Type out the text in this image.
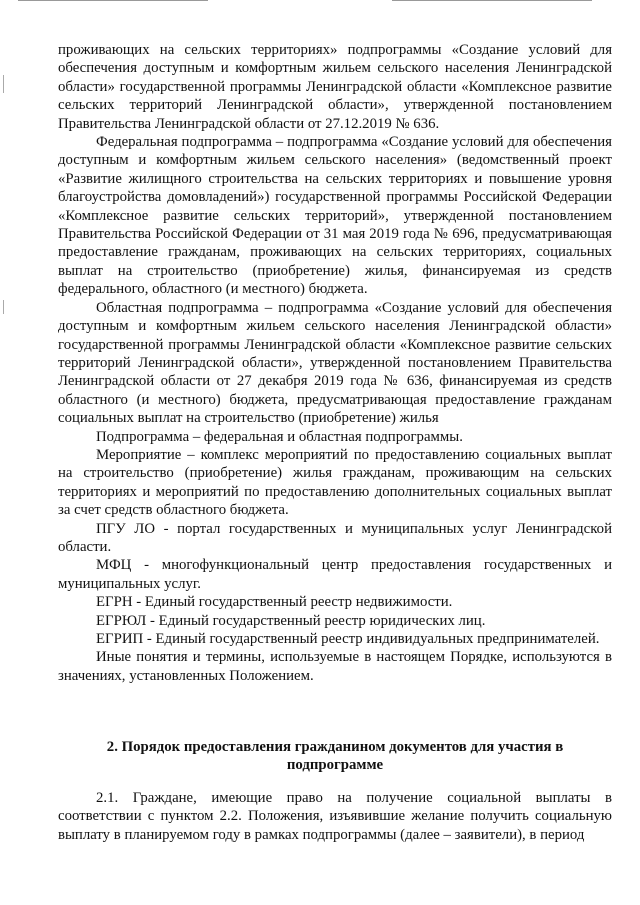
проживающих на сельских территориях» подпрограммы «Создание условий для обеспечения доступным и комфортным жильем сельского населения Ленинградской области» государственной программы Ленинградской области «Комплексное развитие сельских территорий Ленинградской области», утвержденной постановлением Правительства Ленинградской области от 27.12.2019 № 636.

Федеральная подпрограмма – подпрограмма «Создание условий для обеспечения доступным и комфортным жильем сельского населения» (ведомственный проект «Развитие жилищного строительства на сельских территориях и повышение уровня благоустройства домовладений») государственной программы Российской Федерации «Комплексное развитие сельских территорий», утвержденной постановлением Правительства Российской Федерации от 31 мая 2019 года № 696, предусматривающая предоставление гражданам, проживающих на сельских территориях, социальных выплат на строительство (приобретение) жилья, финансируемая из средств федерального, областного (и местного) бюджета.

Областная подпрограмма – подпрограмма «Создание условий для обеспечения доступным и комфортным жильем сельского населения Ленинградской области» государственной программы Ленинградской области «Комплексное развитие сельских территорий Ленинградской области», утвержденной постановлением Правительства Ленинградской области от 27 декабря 2019 года № 636, финансируемая из средств областного (и местного) бюджета, предусматривающая предоставление гражданам социальных выплат на строительство (приобретение) жилья

Подпрограмма – федеральная и областная подпрограммы.

Мероприятие – комплекс мероприятий по предоставлению социальных выплат на строительство (приобретение) жилья гражданам, проживающим на сельских территориях и мероприятий по предоставлению дополнительных социальных выплат за счет средств областного бюджета.

ПГУ ЛО - портал государственных и муниципальных услуг Ленинградской области.

МФЦ - многофункциональный центр предоставления государственных и муниципальных услуг.

ЕГРН - Единый государственный реестр недвижимости.

ЕГРЮЛ - Единый государственный реестр юридических лиц.

ЕГРИП - Единый государственный реестр индивидуальных предпринимателей.

Иные понятия и термины, используемые в настоящем Порядке, используются в значениях, установленных Положением.

2. Порядок предоставления гражданином документов для участия в подпрограмме

2.1. Граждане, имеющие право на получение социальной выплаты в соответствии с пунктом 2.2. Положения, изъявившие желание получить социальную выплату в планируемом году в рамках подпрограммы (далее – заявители), в период
